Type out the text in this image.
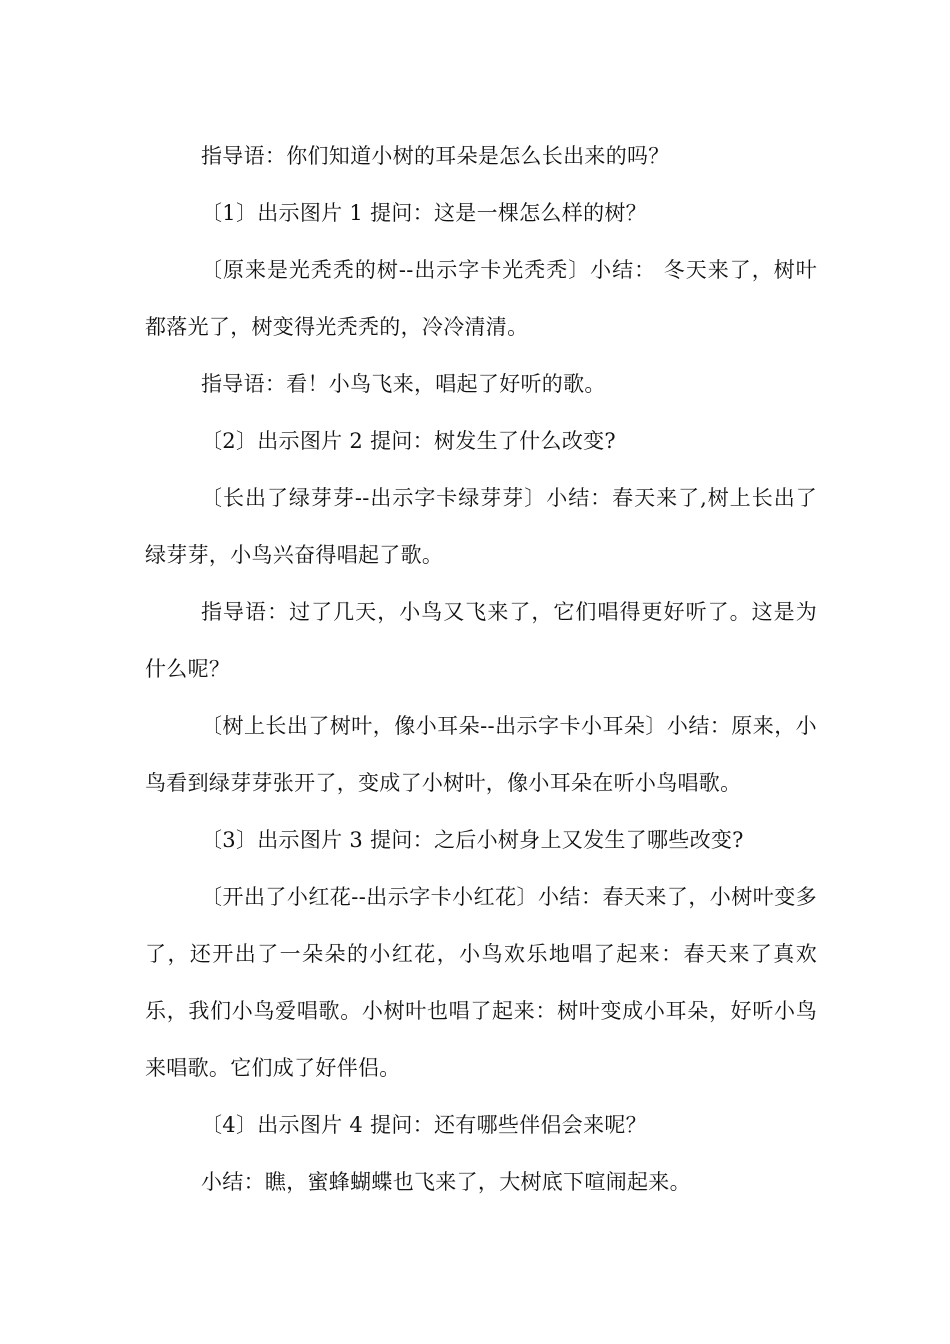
指导语：你们知道小树的耳朵是怎么长出来的吗？

〔1〕出示图片 1 提问：这是一棵怎么样的树？

〔原来是光秃秃的树--出示字卡光秃秃〕小结： 冬天来了，树叶都落光了，树变得光秃秃的，冷冷清清。

指导语：看！小鸟飞来，唱起了好听的歌。

〔2〕出示图片 2 提问：树发生了什么改变?

〔长出了绿芽芽--出示字卡绿芽芽〕小结：春天来了,树上长出了绿芽芽，小鸟兴奋得唱起了歌。

指导语：过了几天，小鸟又飞来了，它们唱得更好听了。这是为什么呢？

〔树上长出了树叶，像小耳朵--出示字卡小耳朵〕小结：原来，小鸟看到绿芽芽张开了，变成了小树叶，像小耳朵在听小鸟唱歌。

〔3〕出示图片 3 提问：之后小树身上又发生了哪些改变?

〔开出了小红花--出示字卡小红花〕小结：春天来了，小树叶变多了，还开出了一朵朵的小红花，小鸟欢乐地唱了起来：春天来了真欢乐，我们小鸟爱唱歌。小树叶也唱了起来：树叶变成小耳朵，好听小鸟来唱歌。它们成了好伴侣。

〔4〕出示图片 4 提问：还有哪些伴侣会来呢？

小结：瞧，蜜蜂蝴蝶也飞来了，大树底下喧闹起来。
